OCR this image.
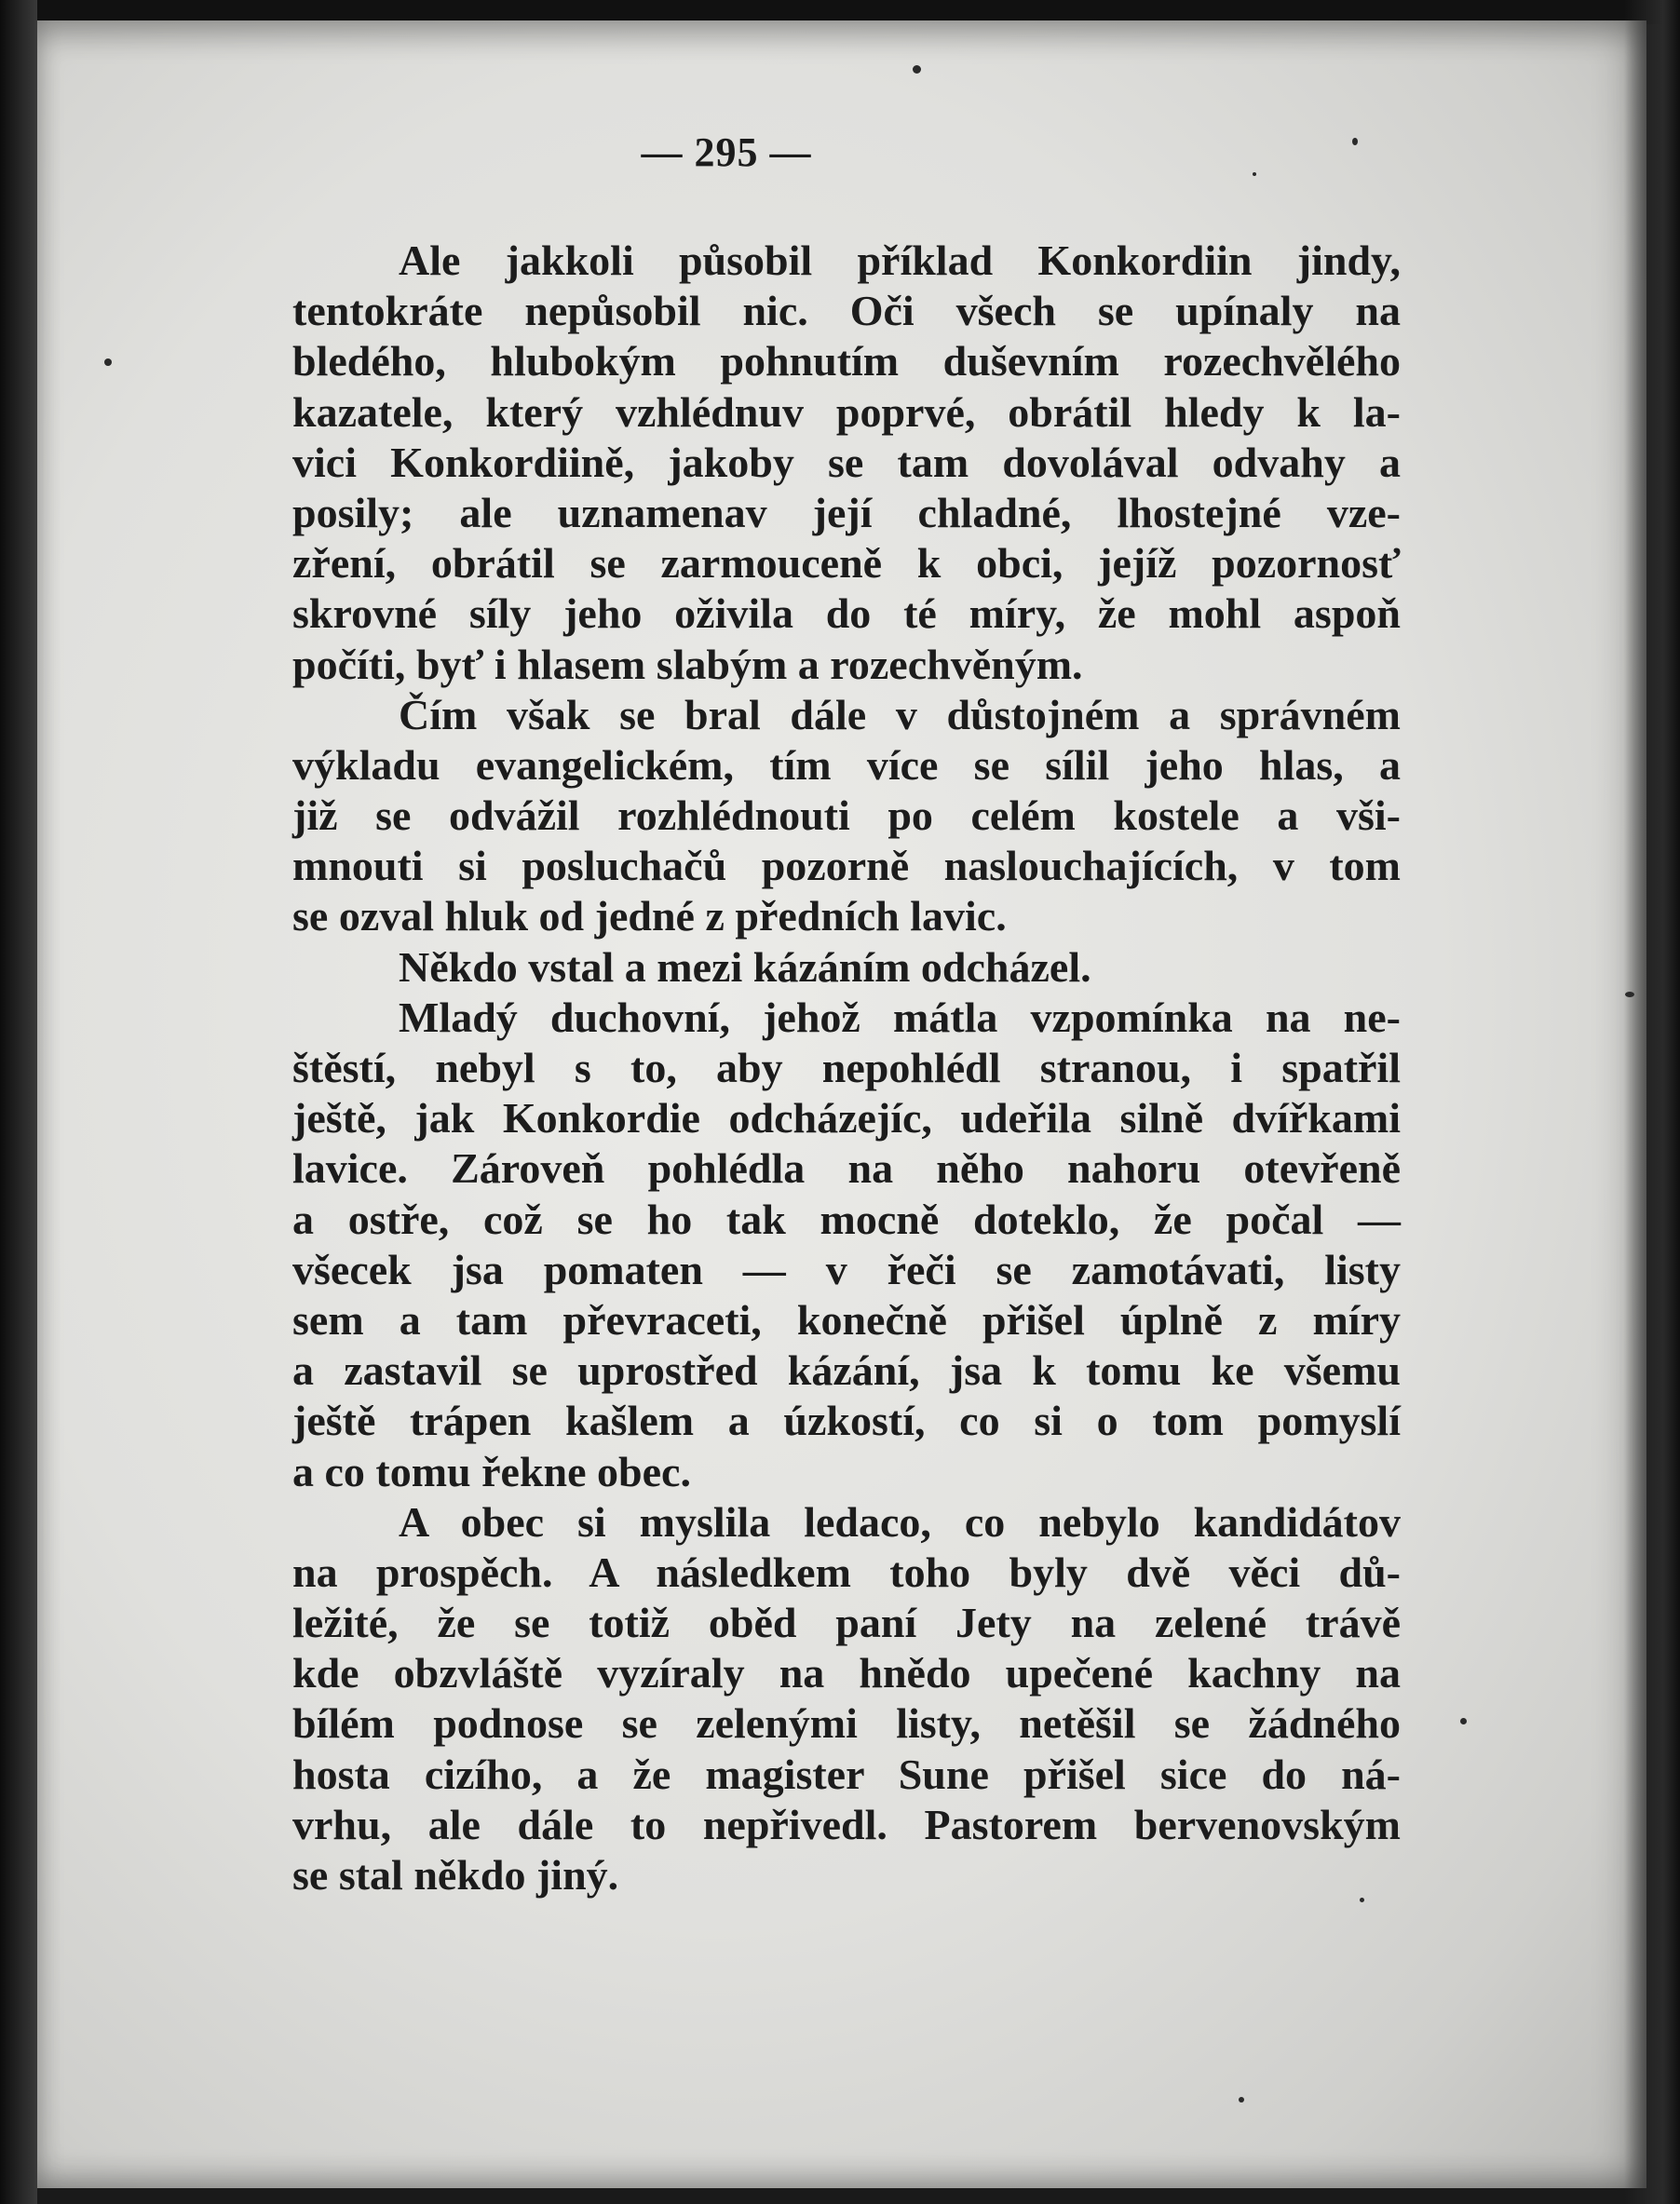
— 295 —
Ale jakkoli působil příklad Konkordiin jindy,
tentokráte nepůsobil nic. Oči všech se upínaly na
bledého, hlubokým pohnutím duševním rozechvělého
kazatele, který vzhlédnuv poprvé, obrátil hledy k la-
vici Konkordiině, jakoby se tam dovolával odvahy a
posily; ale uznamenav její chladné, lhostejné vze-
zření, obrátil se zarmouceně k obci, jejíž pozornosť
skrovné síly jeho oživila do té míry, že mohl aspoň
počíti, byť i hlasem slabým a rozechvěným.
Čím však se bral dále v důstojném a správném
výkladu evangelickém, tím více se sílil jeho hlas, a
již se odvážil rozhlédnouti po celém kostele a vši-
mnouti si posluchačů pozorně naslouchajících, v tom
se ozval hluk od jedné z předních lavic.
Někdo vstal a mezi kázáním odcházel.
Mladý duchovní, jehož mátla vzpomínka na ne-
štěstí, nebyl s to, aby nepohlédl stranou, i spatřil
ještě, jak Konkordie odcházejíc, udeřila silně dvířkami
lavice. Zároveň pohlédla na něho nahoru otevřeně
a ostře, což se ho tak mocně doteklo, že počal —
všecek jsa pomaten — v řeči se zamotávati, listy
sem a tam převraceti, konečně přišel úplně z míry
a zastavil se uprostřed kázání, jsa k tomu ke všemu
ještě trápen kašlem a úzkostí, co si o tom pomyslí
a co tomu řekne obec.
A obec si myslila ledaco, co nebylo kandidátov
na prospěch. A následkem toho byly dvě věci dů-
ležité, že se totiž oběd paní Jety na zelené trávě
kde obzvláště vyzíraly na hnědo upečené kachny na
bílém podnose se zelenými listy, netěšil se žádného
hosta cizího, a že magister Sune přišel sice do ná-
vrhu, ale dále to nepřivedl. Pastorem bervenovským
se stal někdo jiný.
